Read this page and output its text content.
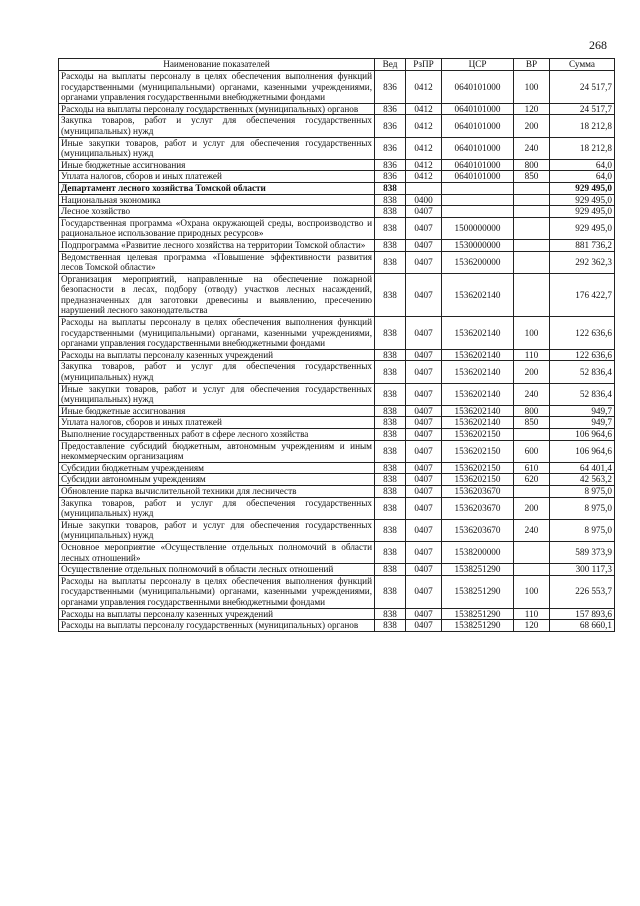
268
Наименование показателей	Вед	РзПР	ЦСР	ВР	Сумма
Расходы на выплаты персоналу в целях обеспечения выполнения функций государственными (муниципальными) органами, казенными учреждениями, органами управления государственными внебюджетными фондами	836	0412	0640101000	100	24 517,7
Расходы на выплаты персоналу государственных (муниципальных) органов	836	0412	0640101000	120	24 517,7
Закупка товаров, работ и услуг для обеспечения государственных (муниципальных) нужд	836	0412	0640101000	200	18 212,8
Иные закупки товаров, работ и услуг для обеспечения государственных (муниципальных) нужд	836	0412	0640101000	240	18 212,8
Иные бюджетные ассигнования	836	0412	0640101000	800	64,0
Уплата налогов, сборов и иных платежей	836	0412	0640101000	850	64,0
Департамент лесного хозяйства Томской области	838				929 495,0
Национальная экономика	838	0400			929 495,0
Лесное хозяйство	838	0407			929 495,0
Государственная программа «Охрана окружающей среды, воспроизводство и рациональное использование природных ресурсов»	838	0407	1500000000		929 495,0
Подпрограмма «Развитие лесного хозяйства на территории Томской области»	838	0407	1530000000		881 736,2
Ведомственная целевая программа «Повышение эффективности развития лесов Томской области»	838	0407	1536200000		292 362,3
Организация мероприятий, направленные на обеспечение пожарной безопасности в лесах, подбору (отводу) участков лесных насаждений, предназначенных для заготовки древесины и выявлению, пресечению нарушений лесного законодательства	838	0407	1536202140		176 422,7
Расходы на выплаты персоналу в целях обеспечения выполнения функций государственными (муниципальными) органами, казенными учреждениями, органами управления государственными внебюджетными фондами	838	0407	1536202140	100	122 636,6
Расходы на выплаты персоналу казенных учреждений	838	0407	1536202140	110	122 636,6
Закупка товаров, работ и услуг для обеспечения государственных (муниципальных) нужд	838	0407	1536202140	200	52 836,4
Иные закупки товаров, работ и услуг для обеспечения государственных (муниципальных) нужд	838	0407	1536202140	240	52 836,4
Иные бюджетные ассигнования	838	0407	1536202140	800	949,7
Уплата налогов, сборов и иных платежей	838	0407	1536202140	850	949,7
Выполнение государственных работ в сфере лесного хозяйства	838	0407	1536202150		106 964,6
Предоставление субсидий бюджетным, автономным учреждениям и иным некоммерческим организациям	838	0407	1536202150	600	106 964,6
Субсидии бюджетным учреждениям	838	0407	1536202150	610	64 401,4
Субсидии автономным учреждениям	838	0407	1536202150	620	42 563,2
Обновление парка вычислительной техники для лесничеств	838	0407	1536203670		8 975,0
Закупка товаров, работ и услуг для обеспечения государственных (муниципальных) нужд	838	0407	1536203670	200	8 975,0
Иные закупки товаров, работ и услуг для обеспечения государственных (муниципальных) нужд	838	0407	1536203670	240	8 975,0
Основное мероприятие «Осуществление отдельных полномочий в области лесных отношений»	838	0407	1538200000		589 373,9
Осуществление отдельных полномочий в области лесных отношений	838	0407	1538251290		300 117,3
Расходы на выплаты персоналу в целях обеспечения выполнения функций государственными (муниципальными) органами, казенными учреждениями, органами управления государственными внебюджетными фондами	838	0407	1538251290	100	226 553,7
Расходы на выплаты персоналу казенных учреждений	838	0407	1538251290	110	157 893,6
Расходы на выплаты персоналу государственных (муниципальных) органов	838	0407	1538251290	120	68 660,1
